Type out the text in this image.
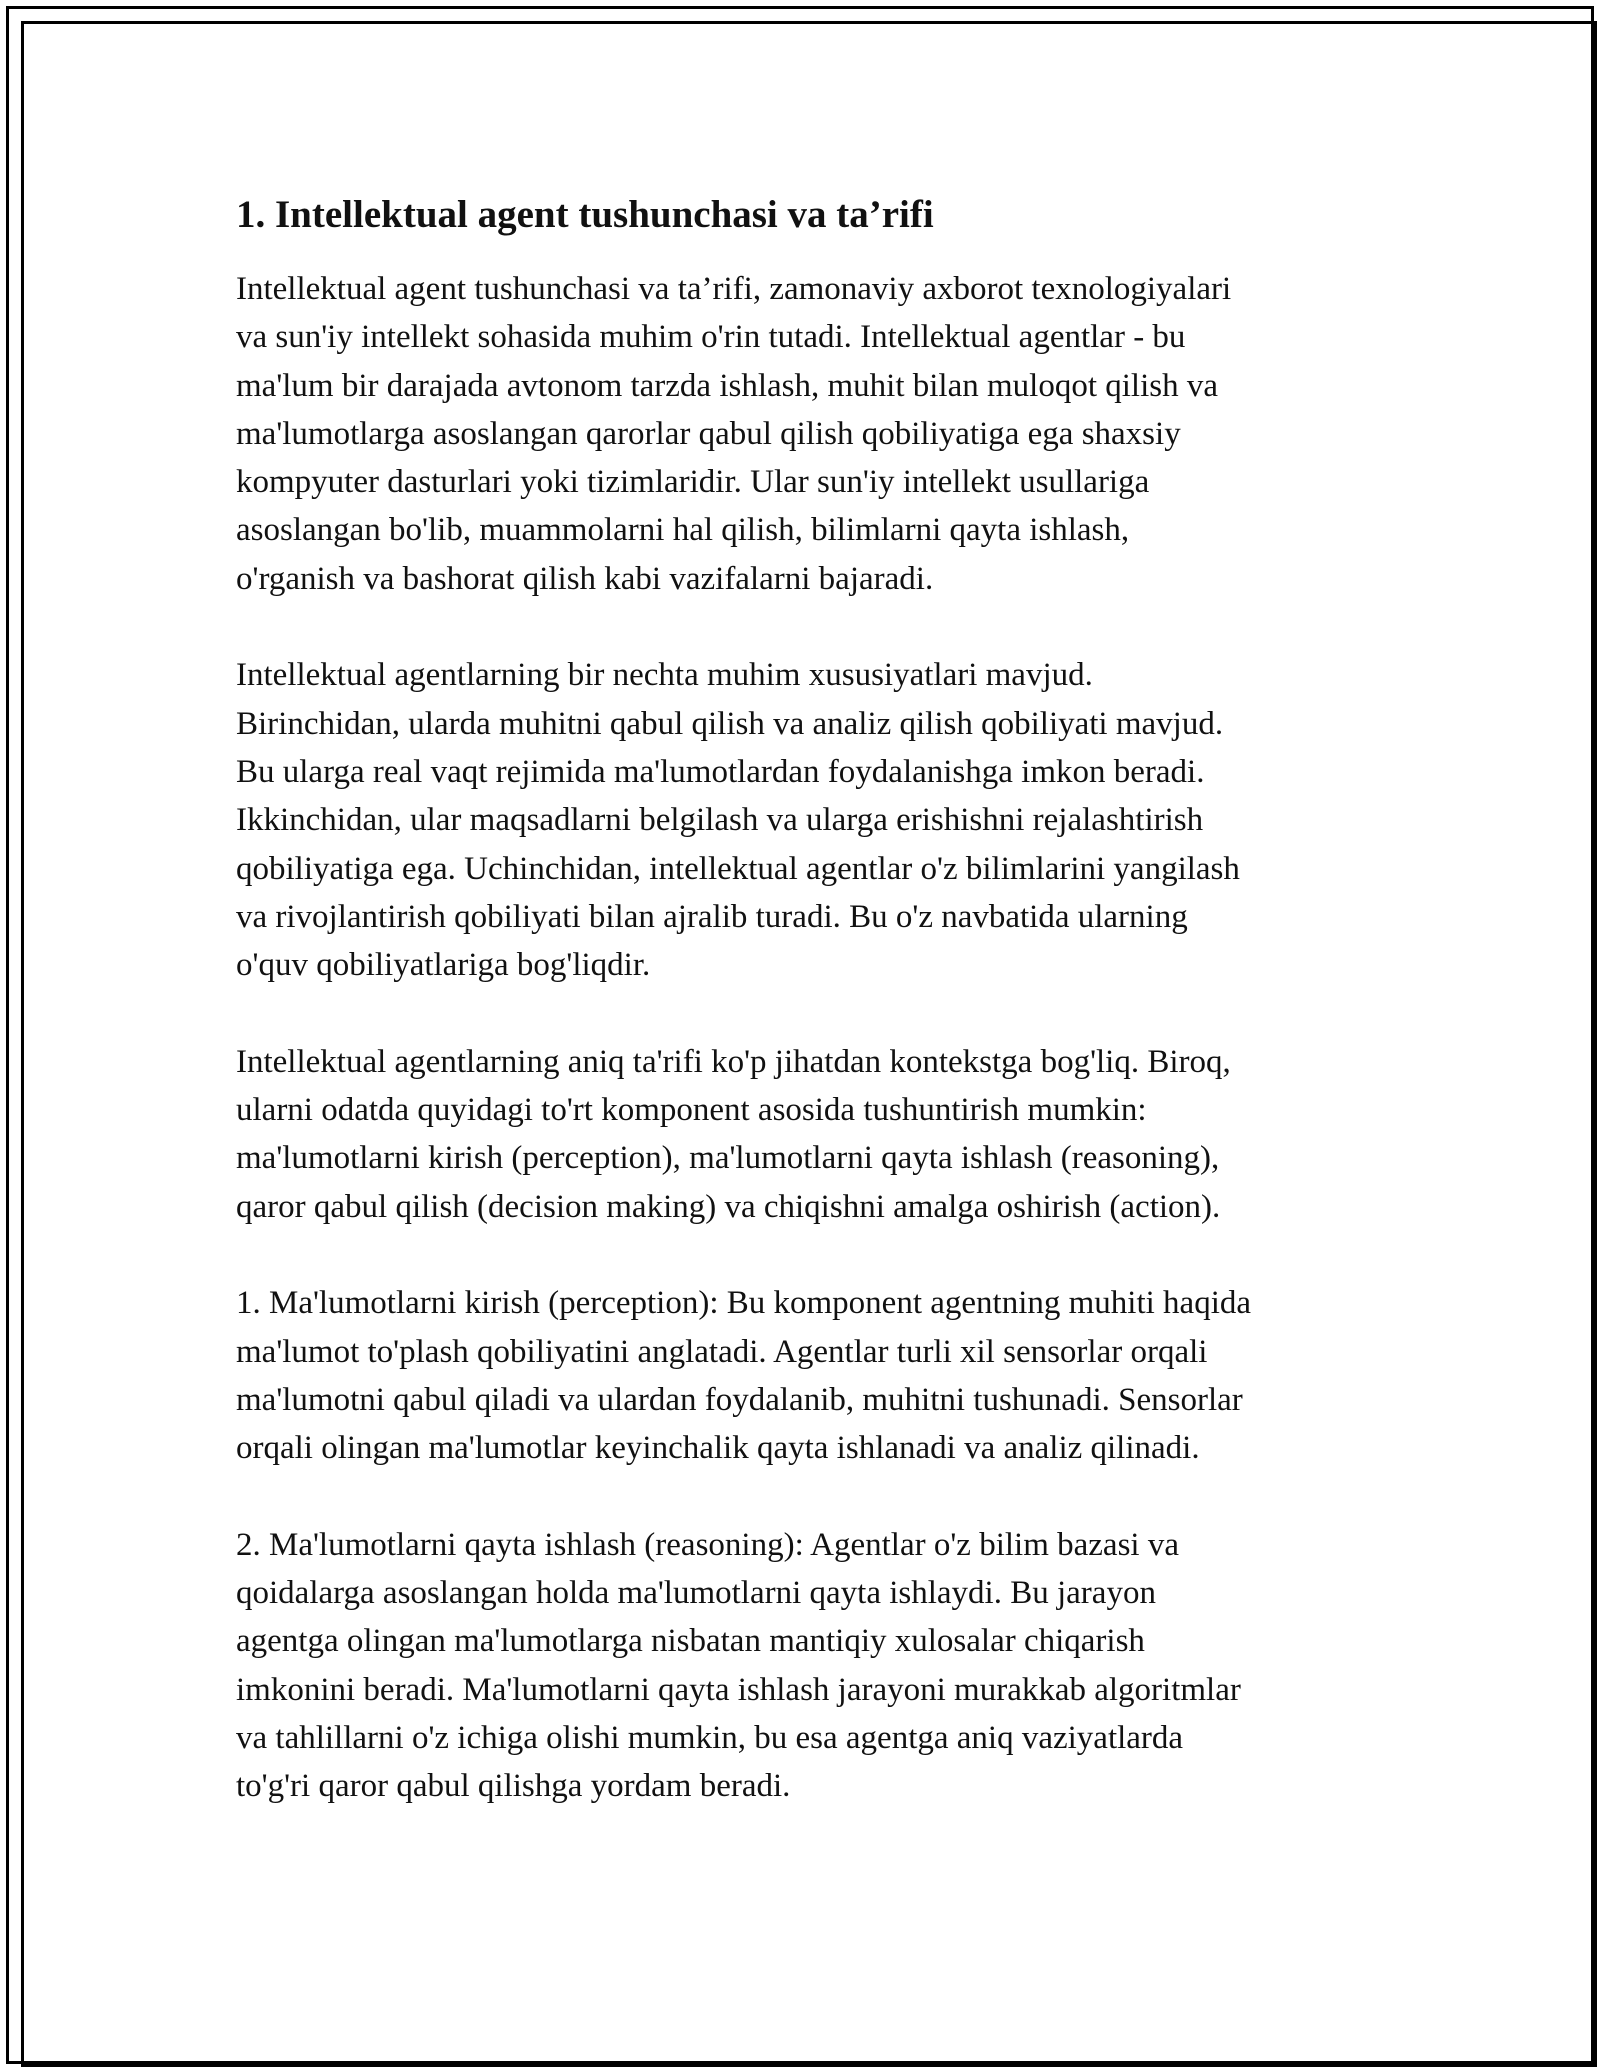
1. Intellektual agent tushunchasi va ta’rifi
Intellektual agent tushunchasi va ta’rifi, zamonaviy axborot texnologiyalari
va sun'iy intellekt sohasida muhim o'rin tutadi. Intellektual agentlar - bu
ma'lum bir darajada avtonom tarzda ishlash, muhit bilan muloqot qilish va
ma'lumotlarga asoslangan qarorlar qabul qilish qobiliyatiga ega shaxsiy
kompyuter dasturlari yoki tizimlaridir. Ular sun'iy intellekt usullariga
asoslangan bo'lib, muammolarni hal qilish, bilimlarni qayta ishlash,
o'rganish va bashorat qilish kabi vazifalarni bajaradi.
Intellektual agentlarning bir nechta muhim xususiyatlari mavjud.
Birinchidan, ularda muhitni qabul qilish va analiz qilish qobiliyati mavjud.
Bu ularga real vaqt rejimida ma'lumotlardan foydalanishga imkon beradi.
Ikkinchidan, ular maqsadlarni belgilash va ularga erishishni rejalashtirish
qobiliyatiga ega. Uchinchidan, intellektual agentlar o'z bilimlarini yangilash
va rivojlantirish qobiliyati bilan ajralib turadi. Bu o'z navbatida ularning
o'quv qobiliyatlariga bog'liqdir.
Intellektual agentlarning aniq ta'rifi ko'p jihatdan kontekstga bog'liq. Biroq,
ularni odatda quyidagi to'rt komponent asosida tushuntirish mumkin:
ma'lumotlarni kirish (perception), ma'lumotlarni qayta ishlash (reasoning),
qaror qabul qilish (decision making) va chiqishni amalga oshirish (action).
1. Ma'lumotlarni kirish (perception): Bu komponent agentning muhiti haqida
ma'lumot to'plash qobiliyatini anglatadi. Agentlar turli xil sensorlar orqali
ma'lumotni qabul qiladi va ulardan foydalanib, muhitni tushunadi. Sensorlar
orqali olingan ma'lumotlar keyinchalik qayta ishlanadi va analiz qilinadi.
2. Ma'lumotlarni qayta ishlash (reasoning): Agentlar o'z bilim bazasi va
qoidalarga asoslangan holda ma'lumotlarni qayta ishlaydi. Bu jarayon
agentga olingan ma'lumotlarga nisbatan mantiqiy xulosalar chiqarish
imkonini beradi. Ma'lumotlarni qayta ishlash jarayoni murakkab algoritmlar
va tahlillarni o'z ichiga olishi mumkin, bu esa agentga aniq vaziyatlarda
to'g'ri qaror qabul qilishga yordam beradi.
